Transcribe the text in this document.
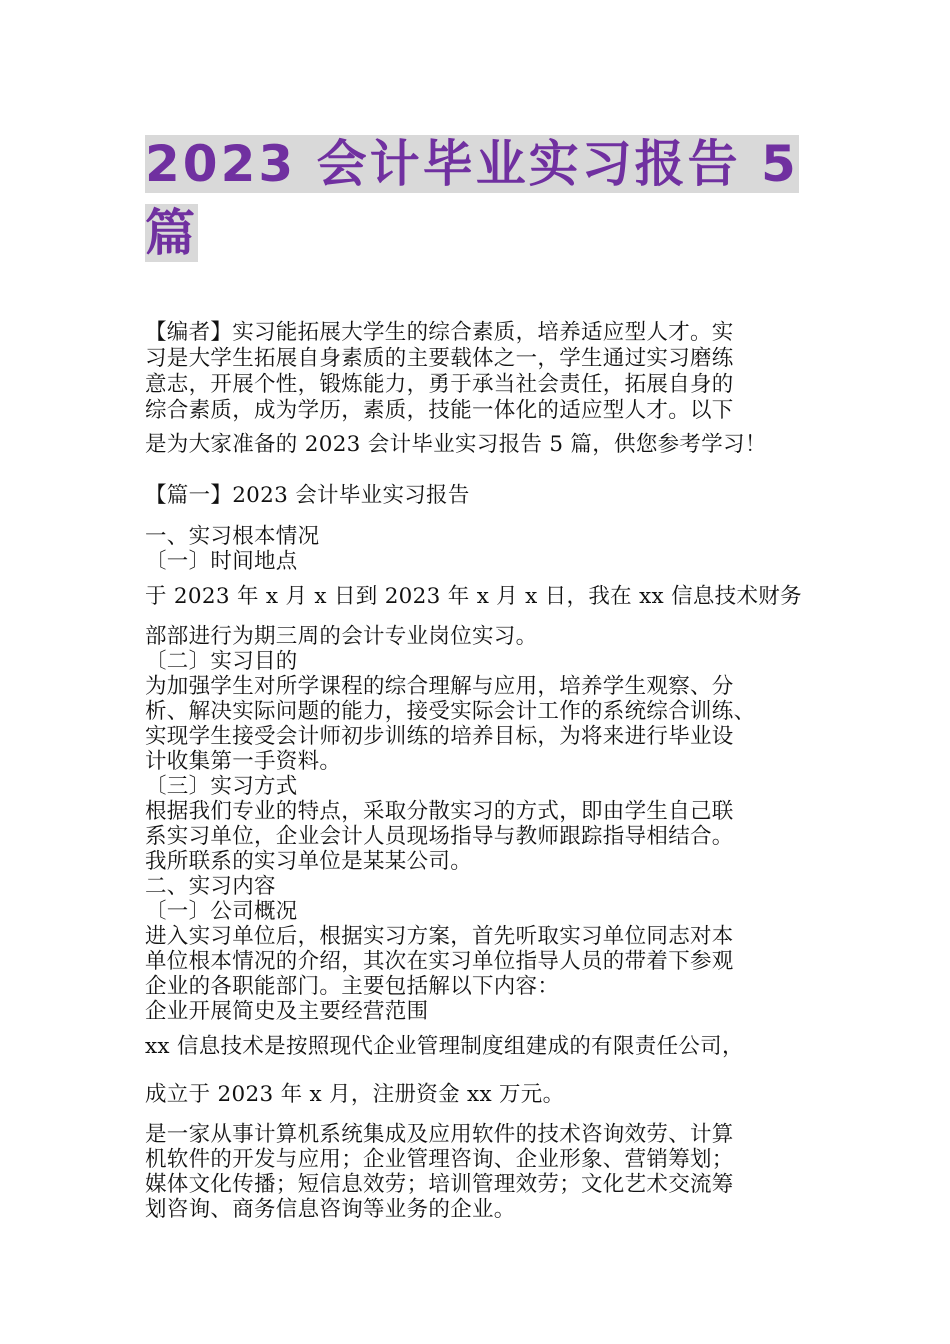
2023 会计毕业实习报告 5
篇

【编者】实习能拓展大学生的综合素质，培养适应型人才。实

习是大学生拓展自身素质的主要载体之一，学生通过实习磨练

意志，开展个性，锻炼能力，勇于承当社会责任，拓展自身的

综合素质，成为学历，素质，技能一体化的适应型人才。以下

是为大家准备的 2023 会计毕业实习报告 5 篇，供您参考学习！

【篇一】2023 会计毕业实习报告

一、实习根本情况

〔一〕时间地点

于 2023 年 x 月 x 日到 2023 年 x 月 x 日，我在 xx 信息技术财务

部部进行为期三周的会计专业岗位实习。

〔二〕实习目的

为加强学生对所学课程的综合理解与应用，培养学生观察、分

析、解决实际问题的能力，接受实际会计工作的系统综合训练、

实现学生接受会计师初步训练的培养目标，为将来进行毕业设

计收集第一手资料。

〔三〕实习方式

根据我们专业的特点，采取分散实习的方式，即由学生自己联

系实习单位，企业会计人员现场指导与教师跟踪指导相结合。

我所联系的实习单位是某某公司。

二、实习内容

〔一〕公司概况

进入实习单位后，根据实习方案，首先听取实习单位同志对本

单位根本情况的介绍，其次在实习单位指导人员的带着下参观

企业的各职能部门。主要包括解以下内容：

企业开展简史及主要经营范围

xx 信息技术是按照现代企业管理制度组建成的有限责任公司，

成立于 2023 年 x 月，注册资金 xx 万元。

是一家从事计算机系统集成及应用软件的技术咨询效劳、计算

机软件的开发与应用；企业管理咨询、企业形象、营销筹划；

媒体文化传播；短信息效劳；培训管理效劳；文化艺术交流筹

划咨询、商务信息咨询等业务的企业。
